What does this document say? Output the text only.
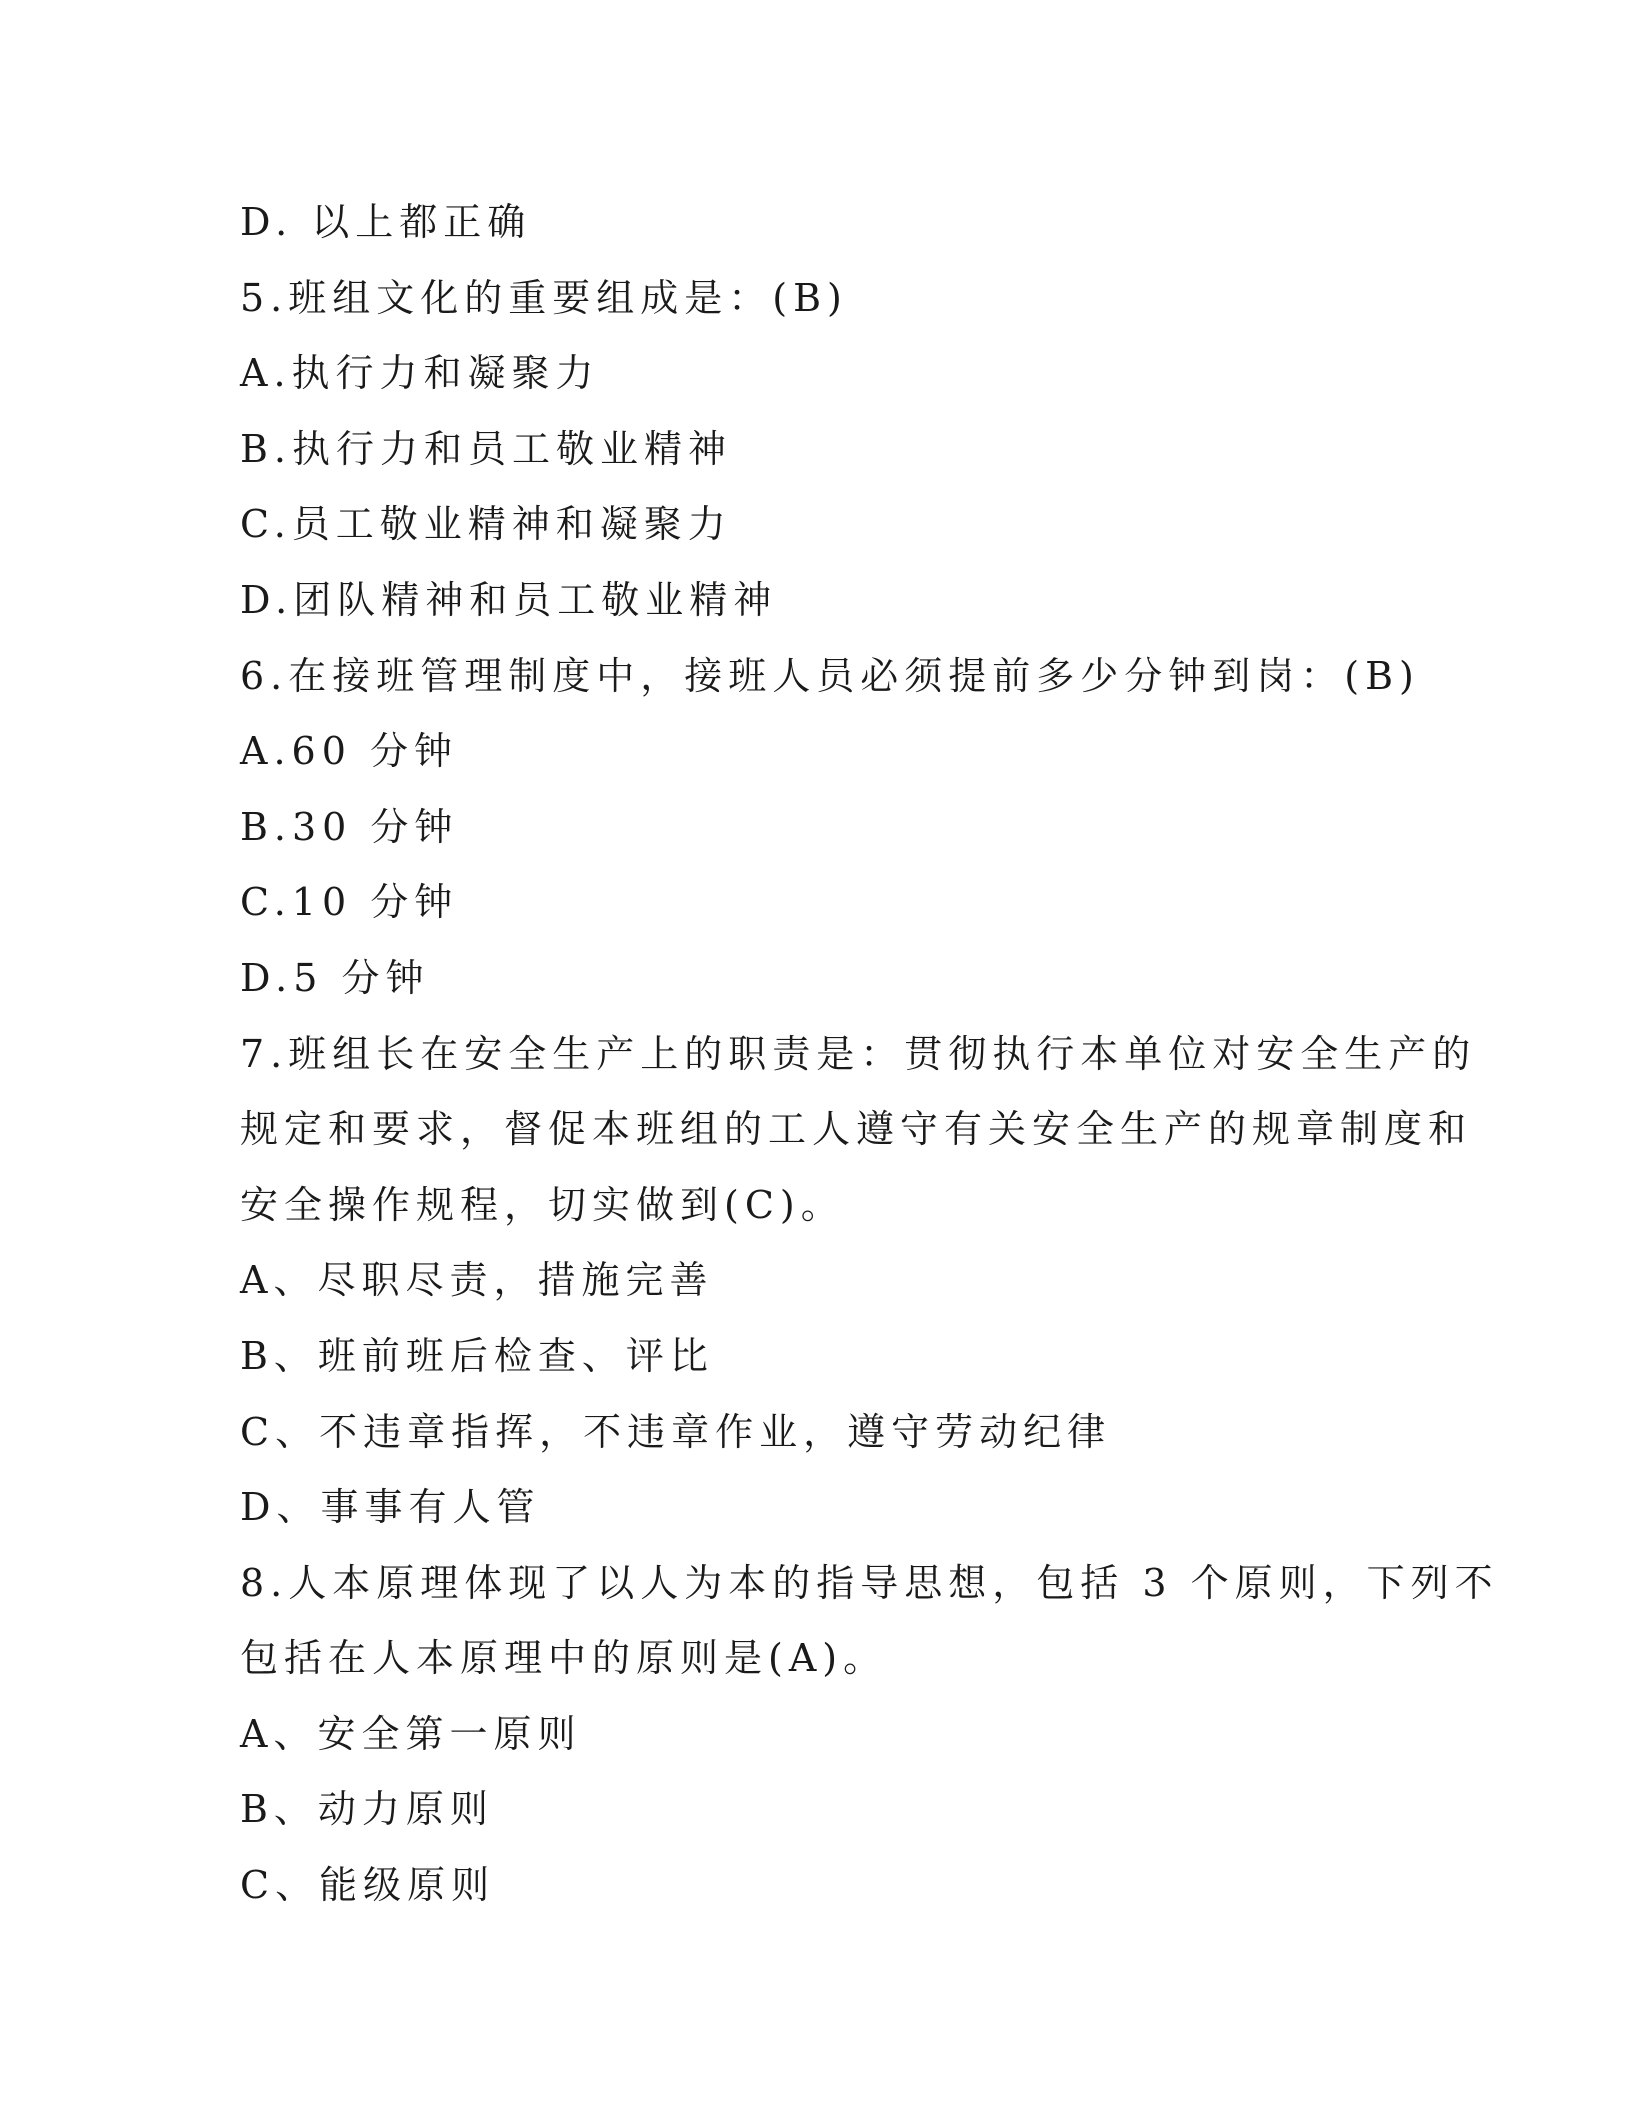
D. 以上都正确
5.班组文化的重要组成是：(B)
A.执行力和凝聚力
B.执行力和员工敬业精神
C.员工敬业精神和凝聚力
D.团队精神和员工敬业精神
6.在接班管理制度中，接班人员必须提前多少分钟到岗：(B)
A.60 分钟
B.30 分钟
C.10 分钟
D.5 分钟
7.班组长在安全生产上的职责是：贯彻执行本单位对安全生产的
规定和要求，督促本班组的工人遵守有关安全生产的规章制度和
安全操作规程，切实做到(C)。
A、尽职尽责，措施完善
B、班前班后检查、评比
C、不违章指挥，不违章作业，遵守劳动纪律
D、事事有人管
8.人本原理体现了以人为本的指导思想，包括 3 个原则，下列不
包括在人本原理中的原则是(A)。
A、安全第一原则
B、动力原则
C、能级原则
